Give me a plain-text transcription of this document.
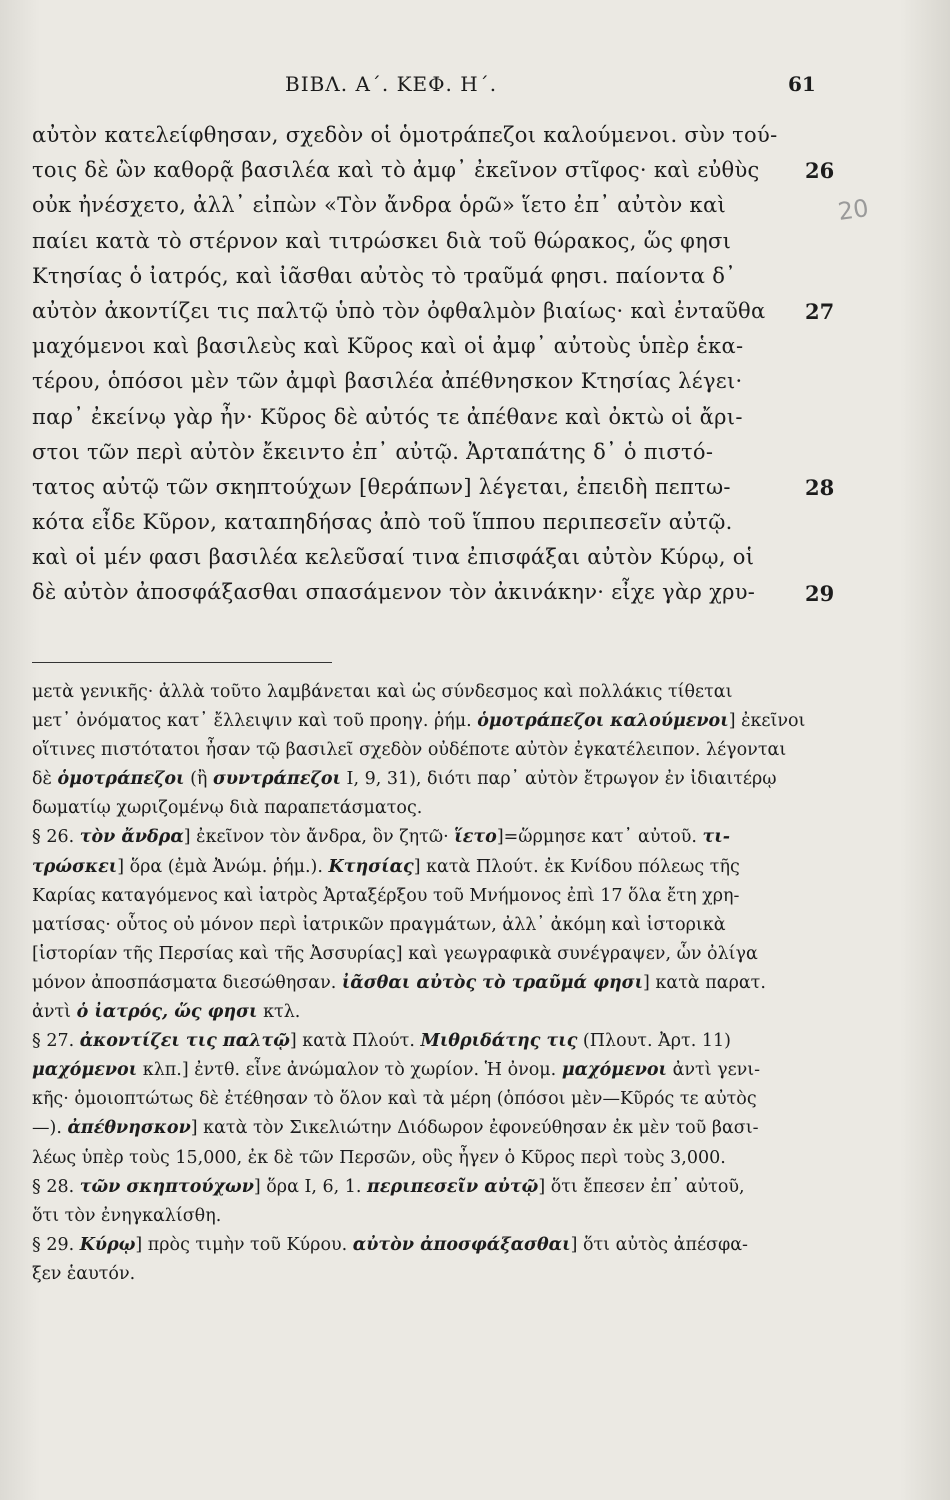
ΒΙΒΛ. Α΄. ΚΕΦ. Η΄.	61
20
αὐτὸν κατελείφθησαν, σχεδὸν οἱ ὁμοτράπεζοι καλούμενοι. σὺν τού-
τοις δὲ ὢν καθορᾷ βασιλέα καὶ τὸ ἀμφ᾽ ἐκεῖνον στῖφος· καὶ εὐθὺς
οὐκ ἠνέσχετο, ἀλλ᾽ εἰπὼν «Τὸν ἄνδρα ὁρῶ» ἵετο ἐπ᾽ αὐτὸν καὶ
παίει κατὰ τὸ στέρνον καὶ τιτρώσκει διὰ τοῦ θώρακος, ὥς φησι
Κτησίας ὁ ἰατρός, καὶ ἰᾶσθαι αὐτὸς τὸ τραῦμά φησι. παίοντα δ᾽
αὐτὸν ἀκοντίζει τις παλτῷ ὑπὸ τὸν ὀφθαλμὸν βιαίως· καὶ ἐνταῦθα
μαχόμενοι καὶ βασιλεὺς καὶ Κῦρος καὶ οἱ ἀμφ᾽ αὐτοὺς ὑπὲρ ἑκα-
τέρου, ὁπόσοι μὲν τῶν ἀμφὶ βασιλέα ἀπέθνησκον Κτησίας λέγει·
παρ᾽ ἐκείνῳ γὰρ ἦν· Κῦρος δὲ αὐτός τε ἀπέθανε καὶ ὀκτὼ οἱ ἄρι-
στοι τῶν περὶ αὐτὸν ἔκειντο ἐπ᾽ αὐτῷ. Ἀρταπάτης δ᾽ ὁ πιστό-
τατος αὐτῷ τῶν σκηπτούχων [θεράπων] λέγεται, ἐπειδὴ πεπτω-
κότα εἶδε Κῦρον, καταπηδήσας ἀπὸ τοῦ ἵππου περιπεσεῖν αὐτῷ.
καὶ οἱ μέν φασι βασιλέα κελεῦσαί τινα ἐπισφάξαι αὐτὸν Κύρῳ, οἱ
δὲ αὐτὸν ἀποσφάξασθαι σπασάμενον τὸν ἀκινάκην· εἶχε γὰρ χρυ-
26
27
28
29
μετὰ γενικῆς· ἀλλὰ τοῦτο λαμβάνεται καὶ ὡς σύνδεσμος καὶ πολλάκις τίθεται
μετ᾽ ὀνόματος κατ᾽ ἔλλειψιν καὶ τοῦ προηγ. ῥήμ. ὁμοτράπεζοι καλούμενοι] ἐκεῖνοι
οἵτινες πιστότατοι ἦσαν τῷ βασιλεῖ σχεδὸν οὐδέποτε αὐτὸν ἐγκατέλειπον. λέγονται
δὲ ὁμοτράπεζοι (ἢ συντράπεζοι I, 9, 31), διότι παρ᾽ αὐτὸν ἔτρωγον ἐν ἰδιαιτέρῳ
δωματίῳ χωριζομένῳ διὰ παραπετάσματος.
§ 26. τὸν ἄνδρα] ἐκεῖνον τὸν ἄνδρα, ὃν ζητῶ· ἵετο]=ὥρμησε κατ᾽ αὐτοῦ. τι-
τρώσκει] ὅρα (ἐμὰ Ἀνώμ. ῥήμ.). Κτησίας] κατὰ Πλούτ. ἐκ Κνίδου πόλεως τῆς
Καρίας καταγόμενος καὶ ἰατρὸς Ἀρταξέρξου τοῦ Μνήμονος ἐπὶ 17 ὅλα ἔτη χρη-
ματίσας· οὗτος οὐ μόνον περὶ ἰατρικῶν πραγμάτων, ἀλλ᾽ ἀκόμη καὶ ἱστορικὰ
[ἱστορίαν τῆς Περσίας καὶ τῆς Ἀσσυρίας] καὶ γεωγραφικὰ συνέγραψεν, ὧν ὀλίγα
μόνον ἀποσπάσματα διεσώθησαν. ἰᾶσθαι αὐτὸς τὸ τραῦμά φησι] κατὰ παρατ.
ἀντὶ ὁ ἰατρός, ὥς φησι κτλ.
§ 27. ἀκοντίζει τις παλτῷ] κατὰ Πλούτ. Μιθριδάτης τις (Πλουτ. Ἀρτ. 11)
μαχόμενοι κλπ.] ἐντθ. εἶνε ἀνώμαλον τὸ χωρίον. Ἡ ὀνομ. μαχόμενοι ἀντὶ γενι-
κῆς· ὁμοιοπτώτως δὲ ἐτέθησαν τὸ ὅλον καὶ τὰ μέρη (ὁπόσοι μὲν—Κῦρός τε αὐτὸς
—). ἀπέθνησκον] κατὰ τὸν Σικελιώτην Διόδωρον ἐφονεύθησαν ἐκ μὲν τοῦ βασι-
λέως ὑπὲρ τοὺς 15,000, ἐκ δὲ τῶν Περσῶν, οὓς ἦγεν ὁ Κῦρος περὶ τοὺς 3,000.
§ 28. τῶν σκηπτούχων] ὅρα I, 6, 1. περιπεσεῖν αὐτῷ] ὅτι ἔπεσεν ἐπ᾽ αὐτοῦ,
ὅτι τὸν ἐνηγκαλίσθη.
§ 29. Κύρῳ] πρὸς τιμὴν τοῦ Κύρου. αὐτὸν ἀποσφάξασθαι] ὅτι αὐτὸς ἀπέσφα-
ξεν ἑαυτόν.
